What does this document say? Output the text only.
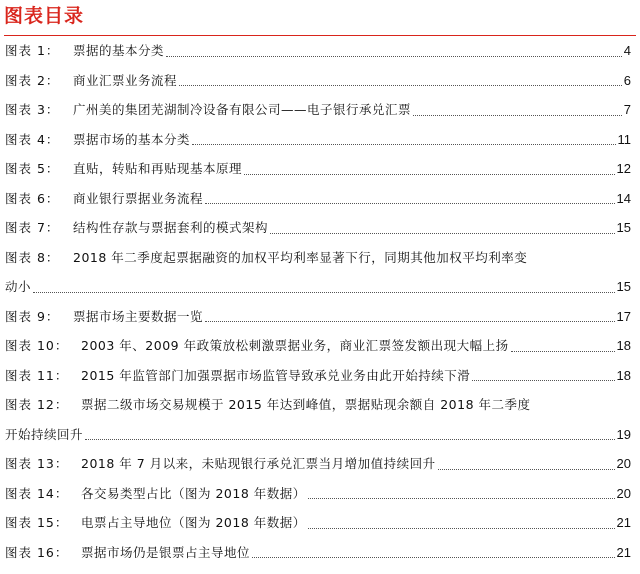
图表目录
图表 1：	票据的基本分类	4
图表 2：	商业汇票业务流程	6
图表 3：	广州美的集团芜湖制冷设备有限公司——电子银行承兑汇票	7
图表 4：	票据市场的基本分类	11
图表 5：	直贴，转贴和再贴现基本原理	12
图表 6：	商业银行票据业务流程	14
图表 7：	结构性存款与票据套利的模式架构	15
图表 8：	2018 年二季度起票据融资的加权平均利率显著下行，同期其他加权平均利率变
动小	15
图表 9：	票据市场主要数据一览	17
图表 10：	2003 年、2009 年政策放松刺激票据业务，商业汇票签发额出现大幅上扬	18
图表 11：	2015 年监管部门加强票据市场监管导致承兑业务由此开始持续下滑	18
图表 12：	票据二级市场交易规模于 2015 年达到峰值，票据贴现余额自 2018 年二季度
开始持续回升	19
图表 13：	2018 年 7 月以来，未贴现银行承兑汇票当月增加值持续回升	20
图表 14：	各交易类型占比（图为 2018 年数据）	20
图表 15：	电票占主导地位（图为 2018 年数据）	21
图表 16：	票据市场仍是银票占主导地位	21
